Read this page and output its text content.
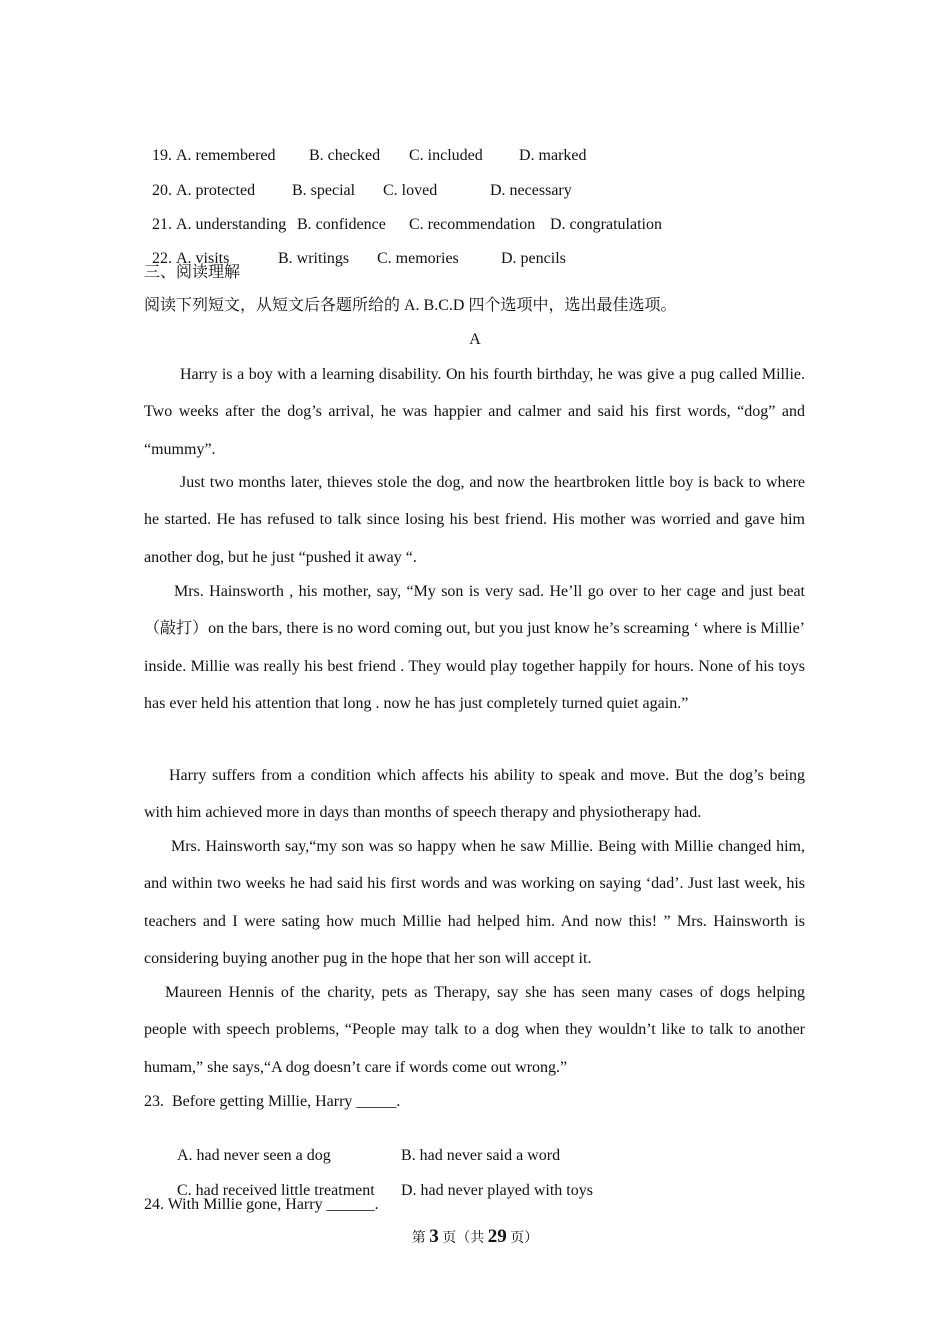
19. A. remembered B. checked C. included D. marked

20. A. protected B. special C. loved	D. necessary

21. A. understanding B. confidence C. recommendation D. congratulation

22. A. visits	B. writings C. memories	D. pencils

三、阅读理解
阅读下列短文，从短文后各题所给的 A. B.C.D 四个选项中，选出最佳选项。
A
Harry is a boy with a learning disability. On his fourth birthday, he was give a pug called Millie. Two weeks after the dog’s arrival, he was happier and calmer and said his first words, “dog” and “mummy”.
Just two months later, thieves stole the dog, and now the heartbroken little boy is back to where he started. He has refused to talk since losing his best friend. His mother was worried and gave him another dog, but he just “pushed it away “.
Mrs. Hainsworth , his mother, say, “My son is very sad. He’ll go over to her cage and just beat（敲打）on the bars, there is no word coming out, but you just know he’s screaming ‘ where is Millie’ inside. Millie was really his best friend . They would play together happily for hours. None of his toys has ever held his attention that long . now he has just completely turned quiet again.”
Harry suffers from a condition which affects his ability to speak and move. But the dog’s being with him achieved more in days than months of speech therapy and physiotherapy had.
Mrs. Hainsworth say,“my son was so happy when he saw Millie. Being with Millie changed him, and within two weeks he had said his first words and was working on saying ‘dad’. Just last week, his teachers and I were sating how much Millie had helped him. And now this! ” Mrs. Hainsworth is considering buying another pug in the hope that her son will accept it.
Maureen Hennis of the charity, pets as Therapy, say she has seen many cases of dogs helping people with speech problems, “People may talk to a dog when they wouldn’t like to talk to another humam,” she says,“A dog doesn’t care if words come out wrong.”
23.  Before getting Millie, Harry _____.

A. had never seen a dog	B. had never said a word

C. had received little treatment D. had never played with toys

24. With Millie gone, Harry ______.
第 3 页（共 29 页）
